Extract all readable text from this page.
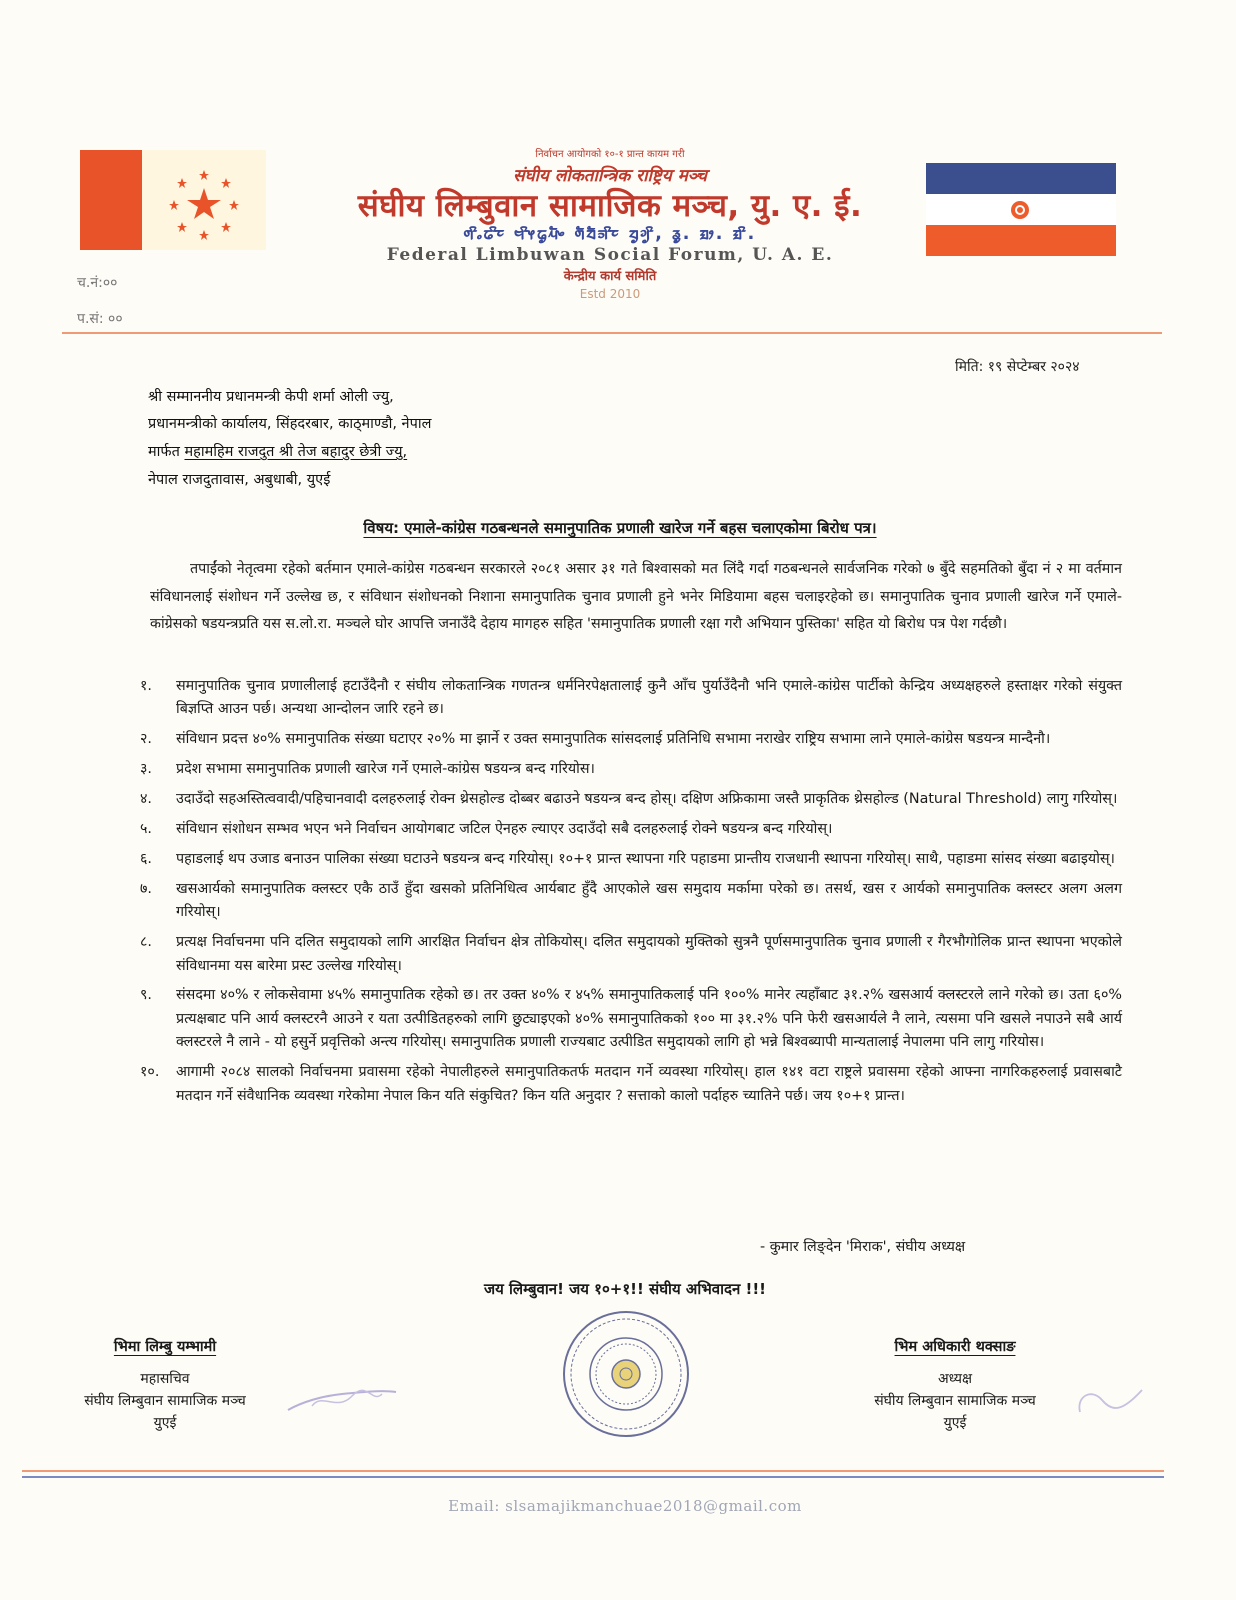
निर्वाचन आयोगको १०-१ प्रान्त कायम गरी
संघीय लोकतान्त्रिक राष्ट्रिय मञ्च
संघीय लिम्बुवान सामाजिक मञ्च, यु. ए. ई.
ᤛᤡᤱᤒᤡᤰ ᤗᤡᤶᤒᤢᤘᤠᤴ ᤛᤠᤔᤠᤈᤡᤰ ᤔᤢᤆᤢᤡ, ᤕᤢ. ᤀᤣ. ᤀᤡ.
Federal Limbuwan Social Forum, U. A. E.
केन्द्रीय कार्य समिति
Estd 2010
च.नं:००
प.सं: ००
मिति: १९ सेप्टेम्बर २०२४
श्री सम्माननीय प्रधानमन्त्री केपी शर्मा ओली ज्यु,
प्रधानमन्त्रीको कार्यालय, सिंहदरबार, काठ्माण्डौ, नेपाल
मार्फत महामहिम राजदुत श्री तेज बहादुर छेत्री ज्यु,
नेपाल राजदुतावास, अबुधाबी, युएई
विषय: एमाले-कांग्रेस गठबन्धनले समानुपातिक प्रणाली खारेज गर्ने बहस चलाएकोमा बिरोध पत्र।
तपाईंको नेतृत्वमा रहेको बर्तमान एमाले-कांग्रेस गठबन्धन सरकारले २०८१ असार ३१ गते बिश्वासको मत लिंदै गर्दा गठबन्धनले सार्वजनिक गरेको ७ बुँदे सहमतिको बुँदा नं २ मा वर्तमान संविधानलाई संशोधन गर्ने उल्लेख छ, र संविधान संशोधनको निशाना समानुपातिक चुनाव प्रणाली हुने भनेर मिडियामा बहस चलाइरहेको छ। समानुपातिक चुनाव प्रणाली खारेज गर्ने एमाले-कांग्रेसको षडयन्त्रप्रति यस स.लो.रा. मञ्चले घोर आपत्ति जनाउँदै देहाय मागहरु सहित 'समानुपातिक प्रणाली रक्षा गरौ अभियान पुस्तिका' सहित यो बिरोध पत्र पेश गर्दछौ।
१.	समानुपातिक चुनाव प्रणालीलाई हटाउँदैनौ र संघीय लोकतान्त्रिक गणतन्त्र धर्मनिरपेक्षतालाई कुनै आँच पुर्याउँदैनौ भनि एमाले-कांग्रेस पार्टीको केन्द्रिय अध्यक्षहरुले हस्ताक्षर गरेको संयुक्त बिज्ञप्ति आउन पर्छ। अन्यथा आन्दोलन जारि रहने छ।
२.	संविधान प्रदत्त ४०% समानुपातिक संख्या घटाएर २०% मा झार्ने र उक्त समानुपातिक सांसदलाई प्रतिनिधि सभामा नराखेर राष्ट्रिय सभामा लाने एमाले-कांग्रेस षडयन्त्र मान्दैनौ।
३.	प्रदेश सभामा समानुपातिक प्रणाली खारेज गर्ने एमाले-कांग्रेस षडयन्त्र बन्द गरियोस।
४.	उदाउँदो सहअस्तित्ववादी/पहिचानवादी दलहरुलाई रोक्न थ्रेसहोल्ड दोब्बर बढाउने षडयन्त्र बन्द होस्। दक्षिण अफ्रिकामा जस्तै प्राकृतिक थ्रेसहोल्ड (Natural Threshold) लागु गरियोस्।
५.	संविधान संशोधन सम्भव भएन भने निर्वाचन आयोगबाट जटिल ऐनहरु ल्याएर उदाउँदो सबै दलहरुलाई रोक्ने षडयन्त्र बन्द गरियोस्।
६.	पहाडलाई थप उजाड बनाउन पालिका संख्या घटाउने षडयन्त्र बन्द गरियोस्। १०+१ प्रान्त स्थापना गरि पहाडमा प्रान्तीय राजधानी स्थापना गरियोस्। साथै, पहाडमा सांसद संख्या बढाइयोस्।
७.	खसआर्यको समानुपातिक क्लस्टर एकै ठाउँ हुँदा खसको प्रतिनिधित्व आर्यबाट हुँदै आएकोले खस समुदाय मर्कामा परेको छ। तसर्थ, खस र आर्यको समानुपातिक क्लस्टर अलग अलग गरियोस्।
८.	प्रत्यक्ष निर्वाचनमा पनि दलित समुदायको लागि आरक्षित निर्वाचन क्षेत्र तोकियोस्। दलित समुदायको मुक्तिको सुत्रनै पूर्णसमानुपातिक चुनाव प्रणाली र गैरभौगोलिक प्रान्त स्थापना भएकोले संविधानमा यस बारेमा प्रस्ट उल्लेख गरियोस्।
९.	संसदमा ४०% र लोकसेवामा ४५% समानुपातिक रहेको छ। तर उक्त ४०% र ४५% समानुपातिकलाई पनि १००% मानेर त्यहाँबाट ३१.२% खसआर्य क्लस्टरले लाने गरेको छ। उता ६०% प्रत्यक्षबाट पनि आर्य क्लस्टरनै आउने र यता उत्पीडितहरुको लागि छुट्याइएको ४०% समानुपातिकको १०० मा ३१.२% पनि फेरी खसआर्यले नै लाने, त्यसमा पनि खसले नपाउने सबै आर्य क्लस्टरले नै लाने - यो हसुर्ने प्रवृत्तिको अन्त्य गरियोस्। समानुपातिक प्रणाली राज्यबाट उत्पीडित समुदायको लागि हो भन्ने बिश्वब्यापी मान्यतालाई नेपालमा पनि लागु गरियोस।
१०.	आगामी २०८४ सालको निर्वाचनमा प्रवासमा रहेको नेपालीहरुले समानुपातिकतर्फ मतदान गर्ने व्यवस्था गरियोस्। हाल १४१ वटा राष्ट्रले प्रवासमा रहेको आफ्ना नागरिकहरुलाई प्रवासबाटै मतदान गर्ने संवैधानिक व्यवस्था गरेकोमा नेपाल किन यति संकुचित? किन यति अनुदार ? सत्ताको कालो पर्दाहरु च्यातिने पर्छ। जय १०+१ प्रान्त।
- कुमार लिङ्देन 'मिराक', संघीय अध्यक्ष
जय लिम्बुवान! जय १०+१!! संघीय अभिवादन !!!
भिमा लिम्बु यम्भामी
महासचिव
संघीय लिम्बुवान सामाजिक मञ्च
युएई
भिम अधिकारी थक्साङ
अध्यक्ष
संघीय लिम्बुवान सामाजिक मञ्च
युएई
Email: slsamajikmanchuae2018@gmail.com
